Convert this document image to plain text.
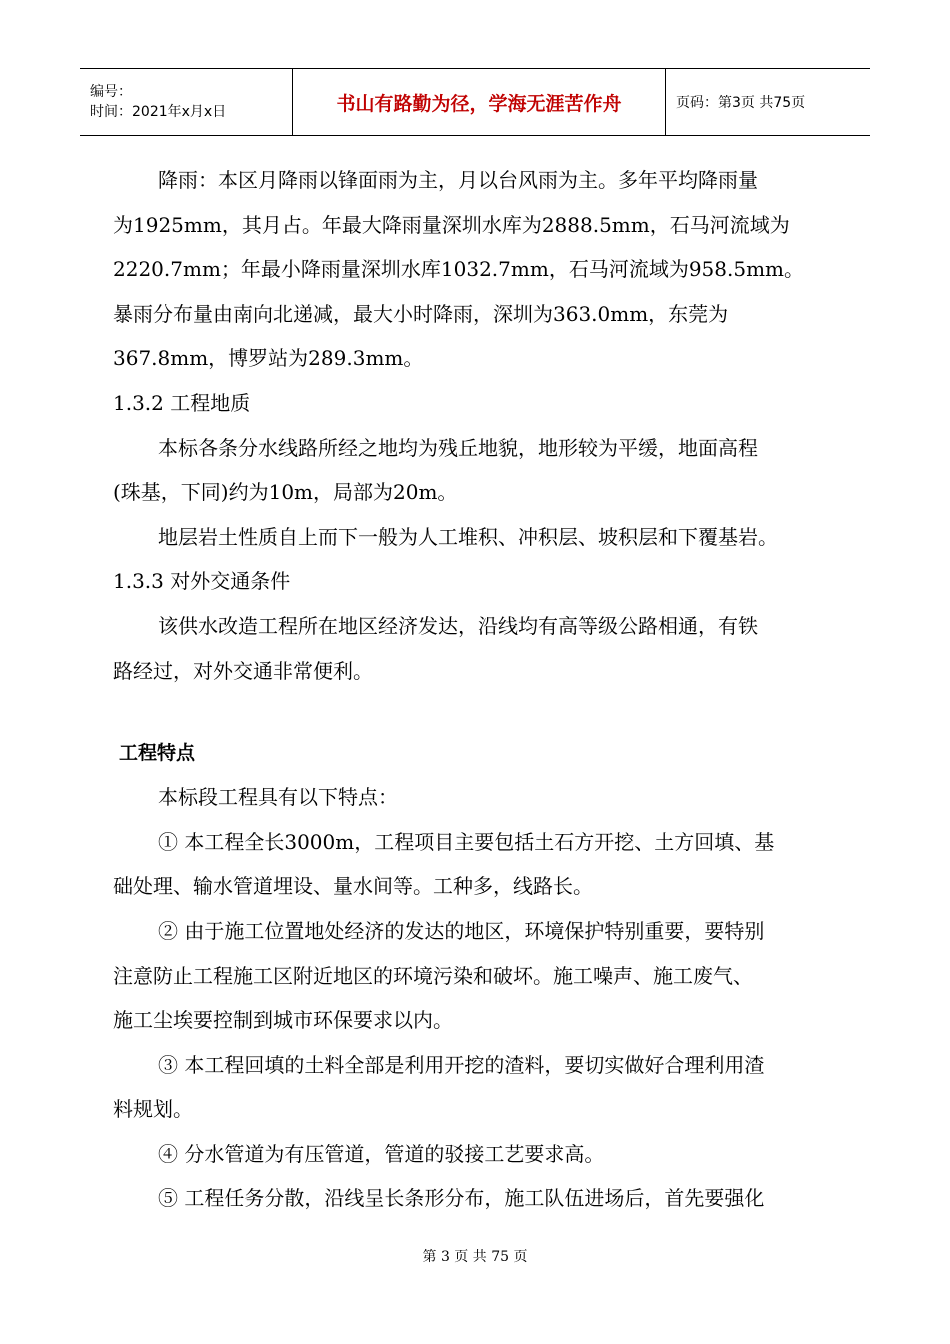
编号：
时间：2021年x月x日	书山有路勤为径，学海无涯苦作舟	页码：第3页 共75页

降雨：本区月降雨以锋面雨为主，月以台风雨为主。多年平均降雨量

为1925mm，其月占。年最大降雨量深圳水库为2888.5mm，石马河流域为

2220.7mm；年最小降雨量深圳水库1032.7mm，石马河流域为958.5mm。

暴雨分布量由南向北递减，最大小时降雨，深圳为363.0mm，东莞为

367.8mm，博罗站为289.3mm。

1.3.2 工程地质

本标各条分水线路所经之地均为残丘地貌，地形较为平缓，地面高程

(珠基，下同)约为10m，局部为20m。

地层岩土性质自上而下一般为人工堆积、冲积层、坡积层和下覆基岩。

1.3.3 对外交通条件

该供水改造工程所在地区经济发达，沿线均有高等级公路相通，有铁

路经过，对外交通非常便利。

工程特点

本标段工程具有以下特点：

① 本工程全长3000m，工程项目主要包括土石方开挖、土方回填、基

础处理、输水管道埋设、量水间等。工种多，线路长。

② 由于施工位置地处经济的发达的地区，环境保护特别重要，要特别

注意防止工程施工区附近地区的环境污染和破坏。施工噪声、施工废气、

施工尘埃要控制到城市环保要求以内。

③ 本工程回填的土料全部是利用开挖的渣料，要切实做好合理利用渣

料规划。

④ 分水管道为有压管道，管道的驳接工艺要求高。

⑤ 工程任务分散，沿线呈长条形分布，施工队伍进场后，首先要强化

第 3 页 共 75 页
